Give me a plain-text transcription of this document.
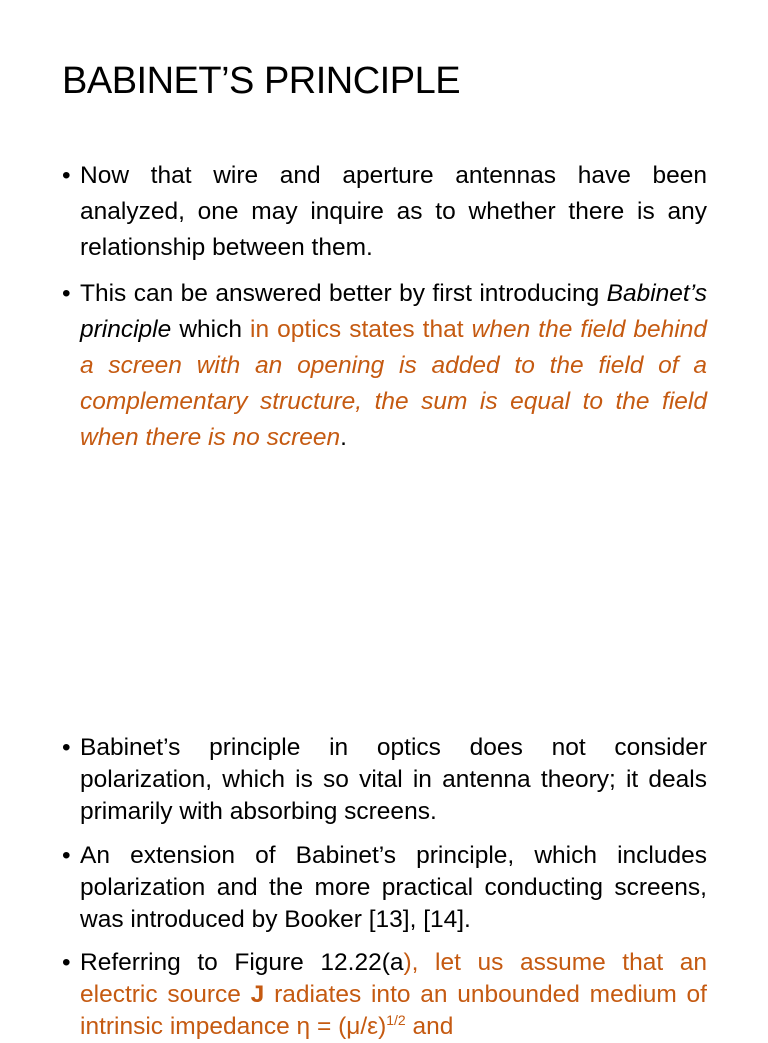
BABINET’S PRINCIPLE
• Now that wire and aperture antennas have been analyzed, one may inquire as to whether there is any relationship between them.
• This can be answered better by first introducing Babinet’s principle which in optics states that when the field behind a screen with an opening is added to the field of a complementary structure, the sum is equal to the field when there is no screen.
• Babinet’s principle in optics does not consider polarization, which is so vital in antenna theory; it deals primarily with absorbing screens.
• An extension of Babinet’s principle, which includes polarization and the more practical conducting screens, was introduced by Booker [13], [14].
• Referring to Figure 12.22(a), let us assume that an electric source J radiates into an unbounded medium of intrinsic impedance $\eta = (\mu/\varepsilon)^{1/2}$ and
